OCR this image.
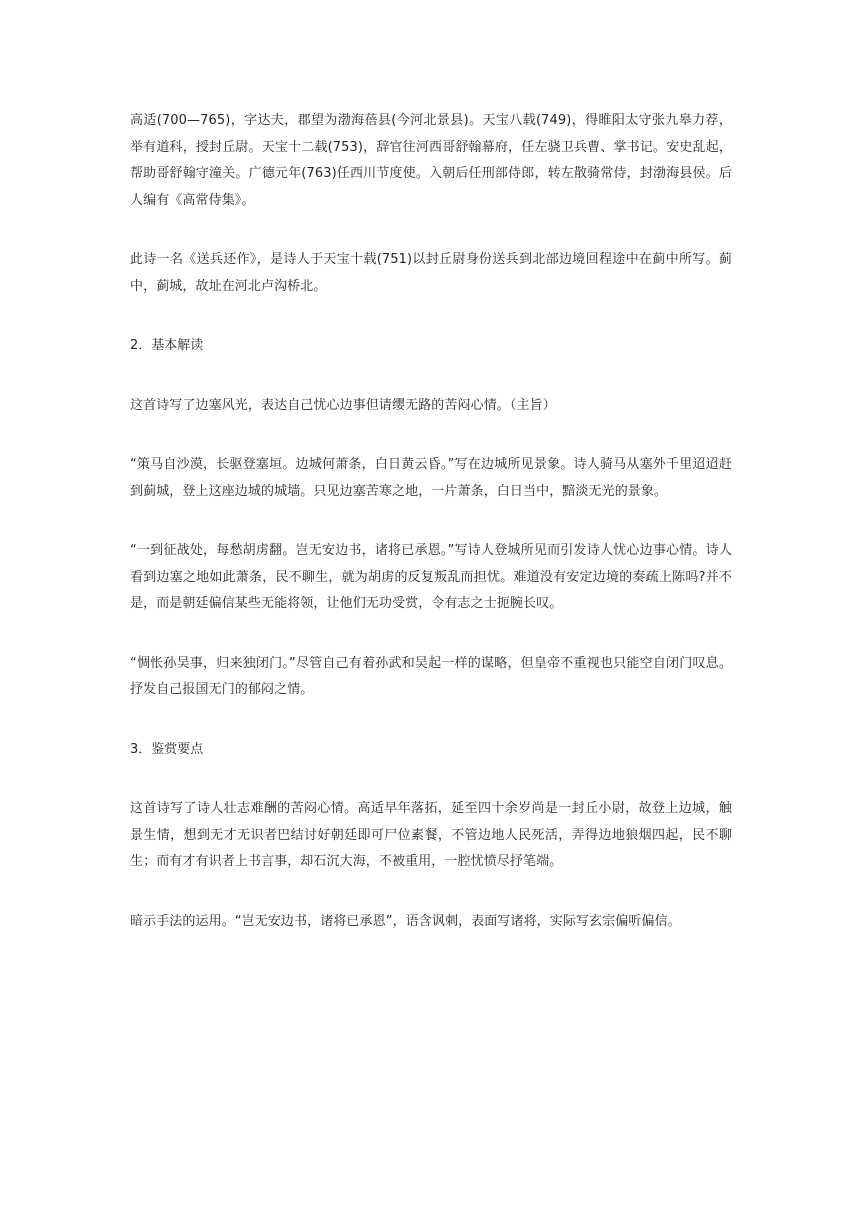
高适(700—765)，字达夫，郡望为渤海蓓县(今河北景县)。天宝八载(749)，得睢阳太守张九皋力荐，举有道科，授封丘尉。天宝十二载(753)，辞官往河西哥舒翰幕府，任左骁卫兵曹、掌书记。安史乱起，帮助哥舒翰守潼关。广德元年(763)任西川节度使。入朝后任刑部侍郎，转左散骑常侍，封渤海县侯。后人编有《高常侍集》。

此诗一名《送兵还作》，是诗人于天宝十载(751)以封丘尉身份送兵到北部边境回程途中在蓟中所写。蓟中，蓟城，故址在河北卢沟桥北。

2．基本解读

这首诗写了边塞风光，表达自己忧心边事但请缨无路的苦闷心情。（主旨）

“策马自沙漠，长驱登塞垣。边城何萧条，白日黄云昏。”写在边城所见景象。诗人骑马从塞外千里迢迢赶到蓟城，登上这座边城的城墙。只见边塞苦寒之地，一片萧条，白日当中，黯淡无光的景象。

“一到征战处，每愁胡虏翻。岂无安边书，诸将已承恩。”写诗人登城所见而引发诗人忧心边事心情。诗人看到边塞之地如此萧条，民不聊生，就为胡虏的反复叛乱而担忧。难道没有安定边境的奏疏上陈吗?并不是，而是朝廷偏信某些无能将领，让他们无功受赏，令有志之士扼腕长叹。

“惆怅孙吴事，归来独闭门。”尽管自己有着孙武和吴起一样的谋略，但皇帝不重视也只能空自闭门叹息。抒发自己报国无门的郁闷之情。

3．鉴赏要点

这首诗写了诗人壮志难酬的苦闷心情。高适早年落拓，延至四十余岁尚是一封丘小尉，故登上边城，触景生情，想到无才无识者巴结讨好朝廷即可尸位素餐，不管边地人民死活，弄得边地狼烟四起，民不聊生；而有才有识者上书言事，却石沉大海，不被重用，一腔忧愤尽抒笔端。

暗示手法的运用。“岂无安边书，诸将已承恩”，语含讽刺，表面写诸将，实际写玄宗偏听偏信。
